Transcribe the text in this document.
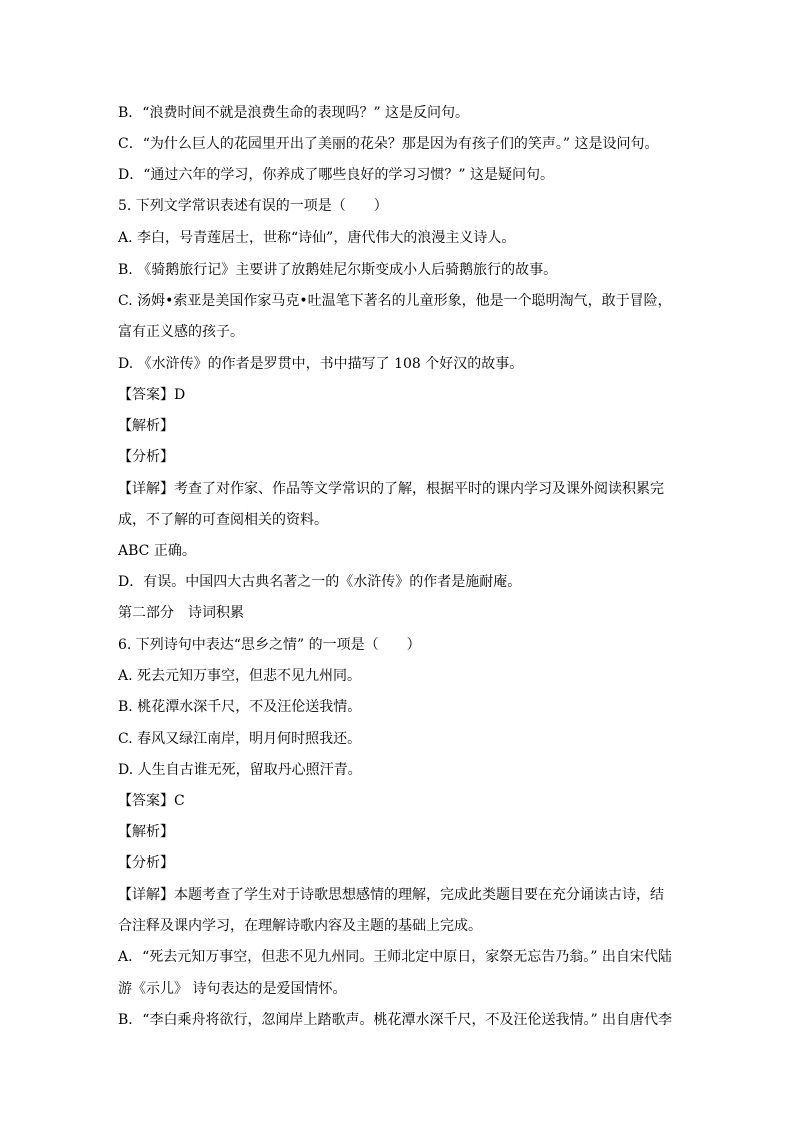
B．“浪费时间不就是浪费生命的表现吗？” 这是反问句。
C．“为什么巨人的花园里开出了美丽的花朵？那是因为有孩子们的笑声。” 这是设问句。
D．“通过六年的学习，你养成了哪些良好的学习习惯？” 这是疑问句。
5. 下列文学常识表述有误的一项是（　　）
A. 李白，号青莲居士，世称“诗仙”，唐代伟大的浪漫主义诗人。
B. 《骑鹅旅行记》主要讲了放鹅娃尼尔斯变成小人后骑鹅旅行的故事。
C. 汤姆•索亚是美国作家马克•吐温笔下著名的儿童形象，他是一个聪明淘气，敢于冒险，
富有正义感的孩子。
D. 《水浒传》的作者是罗贯中，书中描写了 108 个好汉的故事。
【答案】D
【解析】
【分析】
【详解】考查了对作家、作品等文学常识的了解，根据平时的课内学习及课外阅读积累完
成，不了解的可查阅相关的资料。
ABC 正确。
D．有误。中国四大古典名著之一的《水浒传》的作者是施耐庵。
第二部分　诗词积累
6. 下列诗句中表达“思乡之情” 的一项是（　　）
A. 死去元知万事空，但悲不见九州同。
B. 桃花潭水深千尺，不及汪伦送我情。
C. 春风又绿江南岸，明月何时照我还。
D. 人生自古谁无死，留取丹心照汗青。
【答案】C
【解析】
【分析】
【详解】本题考查了学生对于诗歌思想感情的理解，完成此类题目要在充分诵读古诗，结
合注释及课内学习，在理解诗歌内容及主题的基础上完成。
A．“死去元知万事空，但悲不见九州同。王师北定中原日，家祭无忘告乃翁。” 出自宋代陆
游《示儿》 诗句表达的是爱国情怀。
B．“李白乘舟将欲行，忽闻岸上踏歌声。桃花潭水深千尺，不及汪伦送我情。” 出自唐代李
